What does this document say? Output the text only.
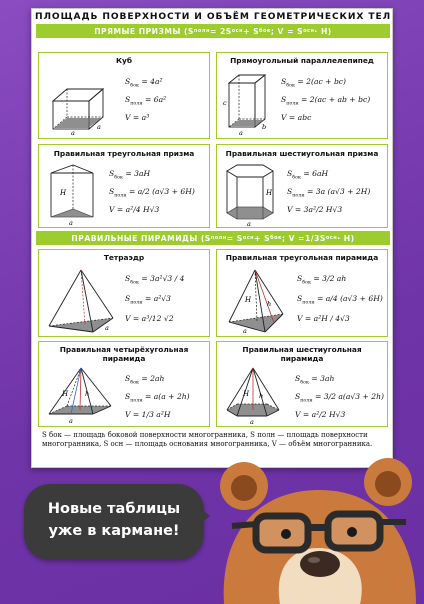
ПЛОЩАДЬ ПОВЕРХНОСТИ И ОБЪЁМ ГЕОМЕТРИЧЕСКИХ ТЕЛ
ПРЯМЫЕ ПРИЗМЫ (S полн = 2S осн + S бок ; V = S осн · H)
Куб
a
a
$S_{бок} = 4a^2$
$S_{полн} = 6a^2$
V = a³
Прямоугольный параллелепипед
c
a
b
$S_{бок} = 2(ac + bc)$
$S_{полн} = 2(ac$ + ab + bc)
V = abc
Правильная треугольная призма
H
a
$S_{бок} = 3aH$
$S_{полн} = a/2$ (a√3 + 6H)
V = a²/4 H√3
Правильная шестиугольная призма
H
a
$S_{бок} = 6aH$
$S_{полн} = 3a$ (a√3 + 2H)
V = 3a²/2 H√3
ПРАВИЛЬНЫЕ ПИРАМИДЫ (S полн = S осн + S бок ; V = 1/3 S осн · H)
Тетраэдр
a
$S_{бок} = 3a^2√3 / 4$
$S_{полн} = a^2√3$
V = a³/12 √2
Правильная треугольная пирамида
H h
a
$S_{бок} = 3/2$ ah
$S_{полн} = a/4$ (a√3 + 6H)
V = a²H / 4√3
Правильная четырёхугольная пирамида
H	h
a
$S_{бок} = 2ah$
$S_{полн} = a(a + 2h)$
V = 1/3 a²H
Правильная шестиугольная пирамида
H h
a
$S_{бок} = 3ah$
$S_{полн} = 3/2$ a(a√3 + 2h)
V = a²/2 H√3
S бок — площадь боковой поверхности многогранника, S полн — площадь поверхности многогранника, S осн — площадь основания многогранника, V — объём многогранника.
Новые таблицы
уже в кармане!
